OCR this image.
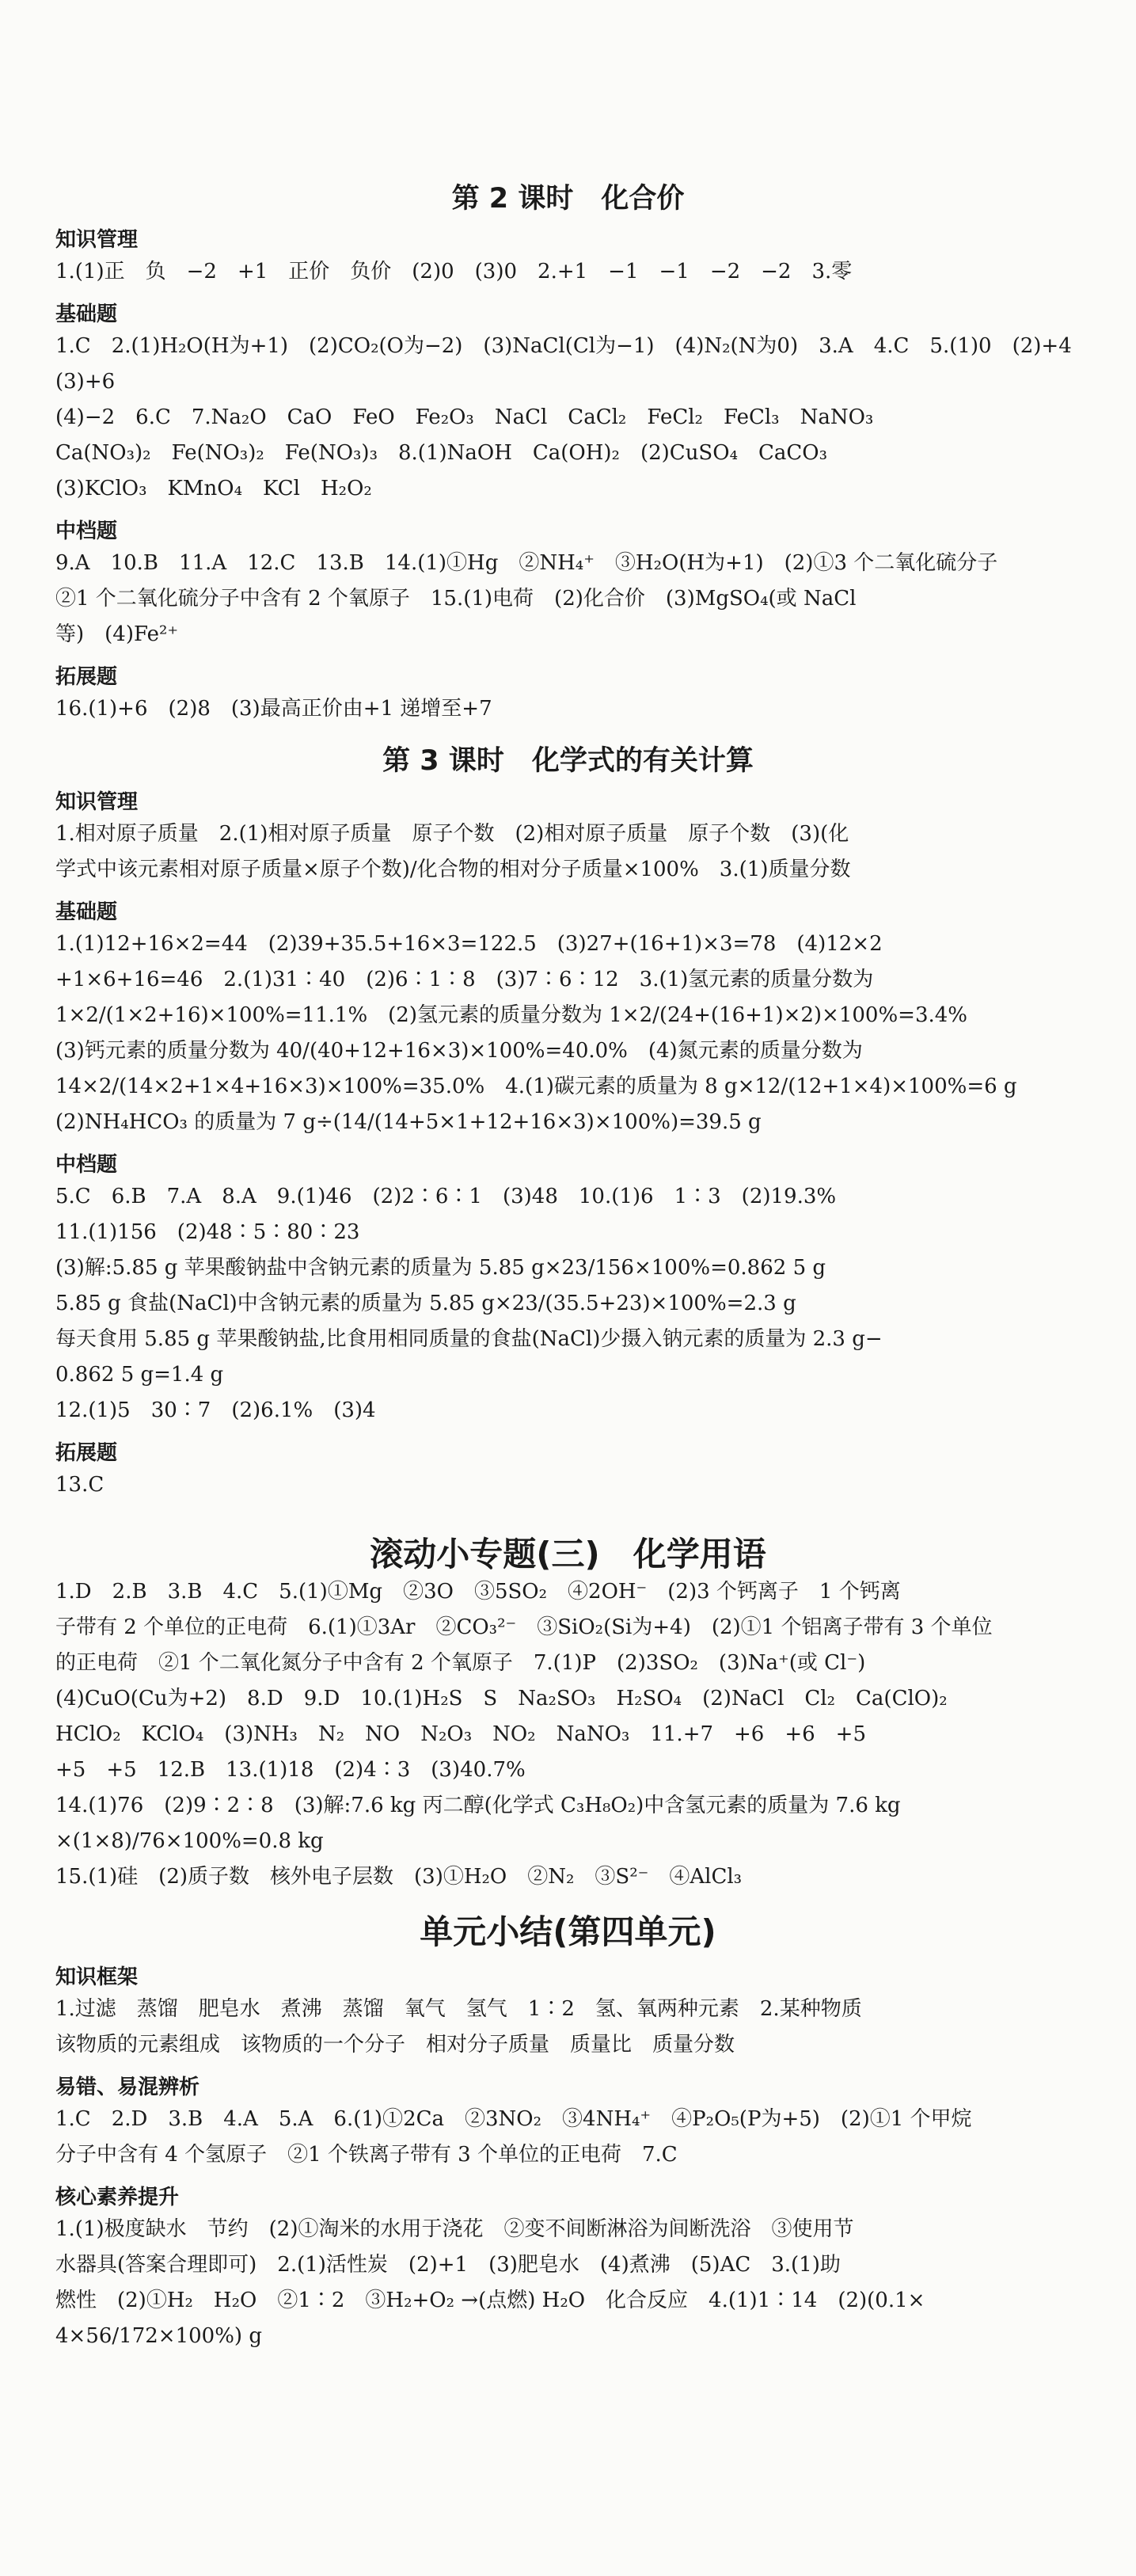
第 2 课时　化合价
知识管理

1.(1)正　负　−2　+1　正价　负价　(2)0　(3)0　2.+1　−1　−1　−2　−2　3.零

基础题

1.C　2.(1)H₂O(H为+1)　(2)CO₂(O为−2)　(3)NaCl(Cl为−1)　(4)N₂(N为0)　3.A　4.C　5.(1)0　(2)+4　(3)+6

(4)−2　6.C　7.Na₂O　CaO　FeO　Fe₂O₃　NaCl　CaCl₂　FeCl₂　FeCl₃　NaNO₃

Ca(NO₃)₂　Fe(NO₃)₂　Fe(NO₃)₃　8.(1)NaOH　Ca(OH)₂　(2)CuSO₄　CaCO₃

(3)KClO₃　KMnO₄　KCl　H₂O₂

中档题

9.A　10.B　11.A　12.C　13.B　14.(1)①Hg　②NH₄⁺　③H₂O(H为+1)　(2)①3 个二氧化硫分子

②1 个二氧化硫分子中含有 2 个氧原子　15.(1)电荷　(2)化合价　(3)MgSO₄(或 NaCl

等)　(4)Fe²⁺

拓展题

16.(1)+6　(2)8　(3)最高正价由+1 递增至+7

第 3 课时　化学式的有关计算
知识管理

1.相对原子质量　2.(1)相对原子质量　原子个数　(2)相对原子质量　原子个数　(3)(化

学式中该元素相对原子质量×原子个数)/化合物的相对分子质量×100%　3.(1)质量分数

基础题

1.(1)12+16×2=44　(2)39+35.5+16×3=122.5　(3)27+(16+1)×3=78　(4)12×2

+1×6+16=46　2.(1)31∶40　(2)6∶1∶8　(3)7∶6∶12　3.(1)氢元素的质量分数为

1×2/(1×2+16)×100%=11.1%　(2)氢元素的质量分数为 1×2/(24+(16+1)×2)×100%=3.4%

(3)钙元素的质量分数为 40/(40+12+16×3)×100%=40.0%　(4)氮元素的质量分数为

14×2/(14×2+1×4+16×3)×100%=35.0%　4.(1)碳元素的质量为 8 g×12/(12+1×4)×100%=6 g

(2)NH₄HCO₃ 的质量为 7 g÷(14/(14+5×1+12+16×3)×100%)=39.5 g

中档题

5.C　6.B　7.A　8.A　9.(1)46　(2)2∶6∶1　(3)48　10.(1)6　1∶3　(2)19.3%

11.(1)156　(2)48∶5∶80∶23

(3)解:5.85 g 苹果酸钠盐中含钠元素的质量为 5.85 g×23/156×100%=0.862 5 g

5.85 g 食盐(NaCl)中含钠元素的质量为 5.85 g×23/(35.5+23)×100%=2.3 g

每天食用 5.85 g 苹果酸钠盐,比食用相同质量的食盐(NaCl)少摄入钠元素的质量为 2.3 g−

0.862 5 g=1.4 g

12.(1)5　30∶7　(2)6.1%　(3)4

拓展题

13.C

滚动小专题(三)　化学用语

1.D　2.B　3.B　4.C　5.(1)①Mg　②3O　③5SO₂　④2OH⁻　(2)3 个钙离子　1 个钙离

子带有 2 个单位的正电荷　6.(1)①3Ar　②CO₃²⁻　③SiO₂(Si为+4)　(2)①1 个铝离子带有 3 个单位

的正电荷　②1 个二氧化氮分子中含有 2 个氧原子　7.(1)P　(2)3SO₂　(3)Na⁺(或 Cl⁻)

(4)CuO(Cu为+2)　8.D　9.D　10.(1)H₂S　S　Na₂SO₃　H₂SO₄　(2)NaCl　Cl₂　Ca(ClO)₂

HClO₂　KClO₄　(3)NH₃　N₂　NO　N₂O₃　NO₂　NaNO₃　11.+7　+6　+6　+5

+5　+5　12.B　13.(1)18　(2)4∶3　(3)40.7%

14.(1)76　(2)9∶2∶8　(3)解:7.6 kg 丙二醇(化学式 C₃H₈O₂)中含氢元素的质量为 7.6 kg

×(1×8)/76×100%=0.8 kg

15.(1)硅　(2)质子数　核外电子层数　(3)①H₂O　②N₂　③S²⁻　④AlCl₃

单元小结(第四单元)
知识框架

1.过滤　蒸馏　肥皂水　煮沸　蒸馏　氧气　氢气　1∶2　氢、氧两种元素　2.某种物质

该物质的元素组成　该物质的一个分子　相对分子质量　质量比　质量分数

易错、易混辨析

1.C　2.D　3.B　4.A　5.A　6.(1)①2Ca　②3NO₂　③4NH₄⁺　④P₂O₅(P为+5)　(2)①1 个甲烷

分子中含有 4 个氢原子　②1 个铁离子带有 3 个单位的正电荷　7.C

核心素养提升

1.(1)极度缺水　节约　(2)①淘米的水用于浇花　②变不间断淋浴为间断洗浴　③使用节

水器具(答案合理即可)　2.(1)活性炭　(2)+1　(3)肥皂水　(4)煮沸　(5)AC　3.(1)助

燃性　(2)①H₂　H₂O　②1∶2　③H₂+O₂ →(点燃) H₂O　化合反应　4.(1)1∶14　(2)(0.1×

4×56/172×100%) g
